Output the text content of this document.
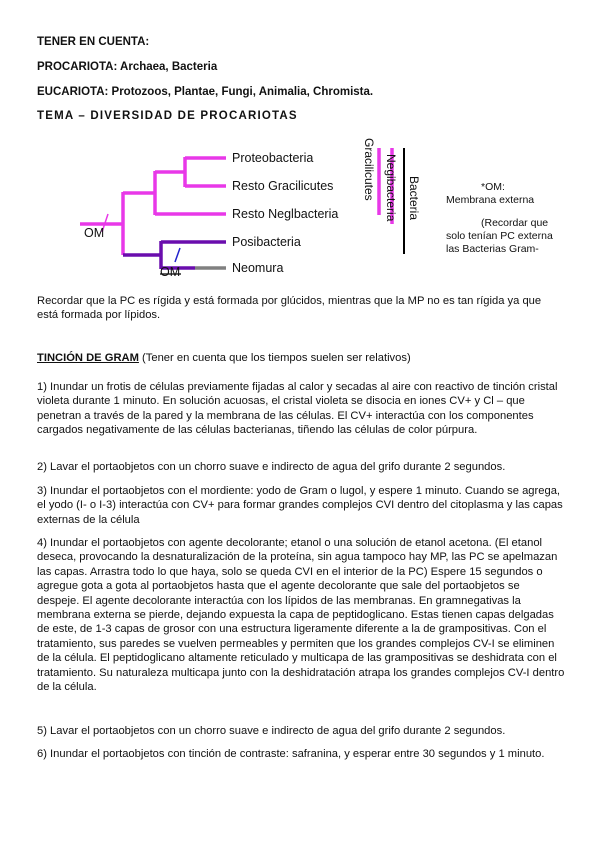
TENER EN CUENTA:
PROCARIOTA: Archaea, Bacteria
EUCARIOTA: Protozoos, Plantae, Fungi, Animalia, Chromista.
TEMA – DIVERSIDAD DE PROCARIOTAS
Proteobacteria
Resto Gracilicutes
Resto Neglbacteria
Posibacteria
Neomura
OM
OM
Gracilicutes Negibacteria Bacteria	*OM:
Membrana externa
(Recordar que
solo tenían PC externa
las Bacterias Gram-
Recordar que la PC es rígida y está formada por glúcidos, mientras que la MP no es tan rígida ya que está formada por lípidos.
TINCIÓN DE GRAM (Tener en cuenta que los tiempos suelen ser relativos)
1) Inundar un frotis de células previamente fijadas al calor y secadas al aire con reactivo de tinción cristal violeta durante 1 minuto. En solución acuosas, el cristal violeta se disocia en iones CV+ y Cl – que penetran a través de la pared y la membrana de las células. El CV+ interactúa con los componentes cargados negativamente de las células bacterianas, tiñendo las células de color púrpura.
2) Lavar el portaobjetos con un chorro suave e indirecto de agua del grifo durante 2 segundos.
3) Inundar el portaobjetos con el mordiente: yodo de Gram o lugol, y espere 1 minuto. Cuando se agrega, el yodo (I- o I-3) interactúa con CV+ para formar grandes complejos CVI dentro del citoplasma y las capas externas de la célula
4) Inundar el portaobjetos con agente decolorante; etanol o una solución de etanol acetona. (El etanol deseca, provocando la desnaturalización de la proteína, sin agua tampoco hay MP, las PC se apelmazan las capas. Arrastra todo lo que haya, solo se queda CVI en el interior de la PC) Espere 15 segundos o agregue gota a gota al portaobjetos hasta que el agente decolorante que sale del portaobjetos se despeje. El agente decolorante interactúa con los lípidos de las membranas. En gramnegativas la membrana externa se pierde, dejando expuesta la capa de peptidoglicano. Estas tienen capas delgadas de este, de 1-3 capas de grosor con una estructura ligeramente diferente a la de grampositivas. Con el tratamiento, sus paredes se vuelven permeables y permiten que los grandes complejos CV-I se eliminen de la célula. El peptidoglicano altamente reticulado y multicapa de las grampositivas se deshidrata con el tratamiento. Su naturaleza multicapa junto con la deshidratación atrapa los grandes complejos CV-I dentro de la célula.
5) Lavar el portaobjetos con un chorro suave e indirecto de agua del grifo durante 2 segundos.
6) Inundar el portaobjetos con tinción de contraste: safranina, y esperar entre 30 segundos y 1 minuto.
